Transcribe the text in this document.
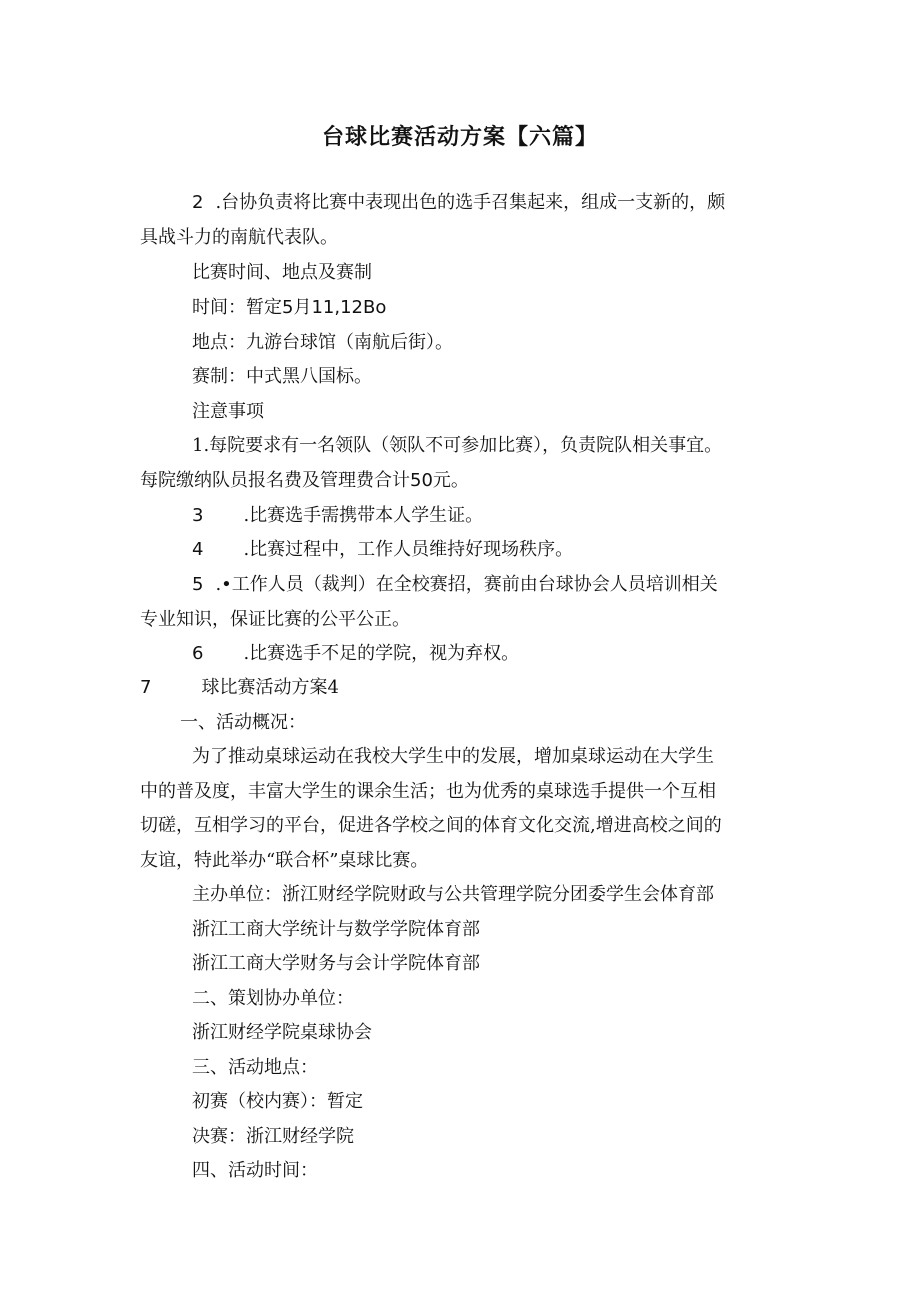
台球比赛活动方案【六篇】

2 .台协负责将比赛中表现出色的选手召集起来，组成一支新的，颇

具战斗力的南航代表队。

比赛时间、地点及赛制

时间：暂定5月11,12Bo

地点：九游台球馆（南航后街）。

赛制：中式黑八国标。

注意事项

1.每院要求有一名领队（领队不可参加比赛），负责院队相关事宜。

每院缴纳队员报名费及管理费合计50元。

3 .比赛选手需携带本人学生证。

4 .比赛过程中，工作人员维持好现场秩序。

5 .•工作人员（裁判）在全校赛招，赛前由台球协会人员培训相关

专业知识，保证比赛的公平公正。

6 .比赛选手不足的学院，视为弃权。

7	球比赛活动方案4

一、活动概况：

为了推动桌球运动在我校大学生中的发展，增加桌球运动在大学生

中的普及度，丰富大学生的课余生活；也为优秀的桌球选手提供一个互相

切磋，互相学习的平台，促进各学校之间的体育文化交流,增进高校之间的

友谊，特此举办“联合杯”桌球比赛。

主办单位：浙江财经学院财政与公共管理学院分团委学生会体育部

浙江工商大学统计与数学学院体育部

浙江工商大学财务与会计学院体育部

二、策划协办单位：

浙江财经学院桌球协会

三、活动地点：

初赛（校内赛）：暂定

决赛：浙江财经学院

四、活动时间：
